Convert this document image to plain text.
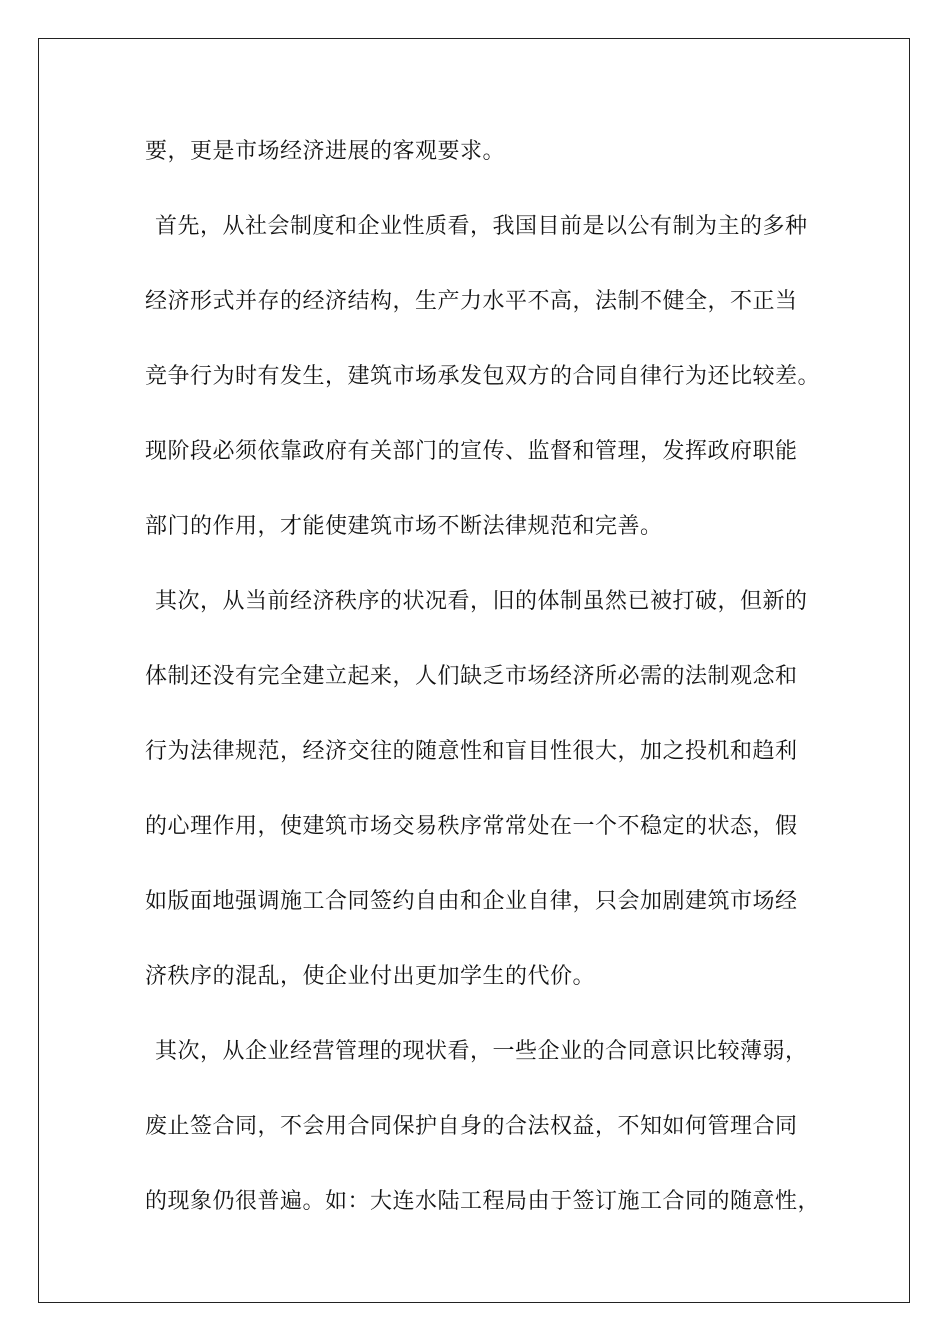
要，更是市场经济进展的客观要求。
首先，从社会制度和企业性质看，我国目前是以公有制为主的多种
经济形式并存的经济结构，生产力水平不高，法制不健全，不正当
竞争行为时有发生，建筑市场承发包双方的合同自律行为还比较差。
现阶段必须依靠政府有关部门的宣传、监督和管理，发挥政府职能
部门的作用，才能使建筑市场不断法律规范和完善。
其次，从当前经济秩序的状况看，旧的体制虽然已被打破，但新的
体制还没有完全建立起来，人们缺乏市场经济所必需的法制观念和
行为法律规范，经济交往的随意性和盲目性很大，加之投机和趋利
的心理作用，使建筑市场交易秩序常常处在一个不稳定的状态，假
如版面地强调施工合同签约自由和企业自律，只会加剧建筑市场经
济秩序的混乱，使企业付出更加学生的代价。
其次，从企业经营管理的现状看，一些企业的合同意识比较薄弱，
废止签合同，不会用合同保护自身的合法权益，不知如何管理合同
的现象仍很普遍。如：大连水陆工程局由于签订施工合同的随意性，
